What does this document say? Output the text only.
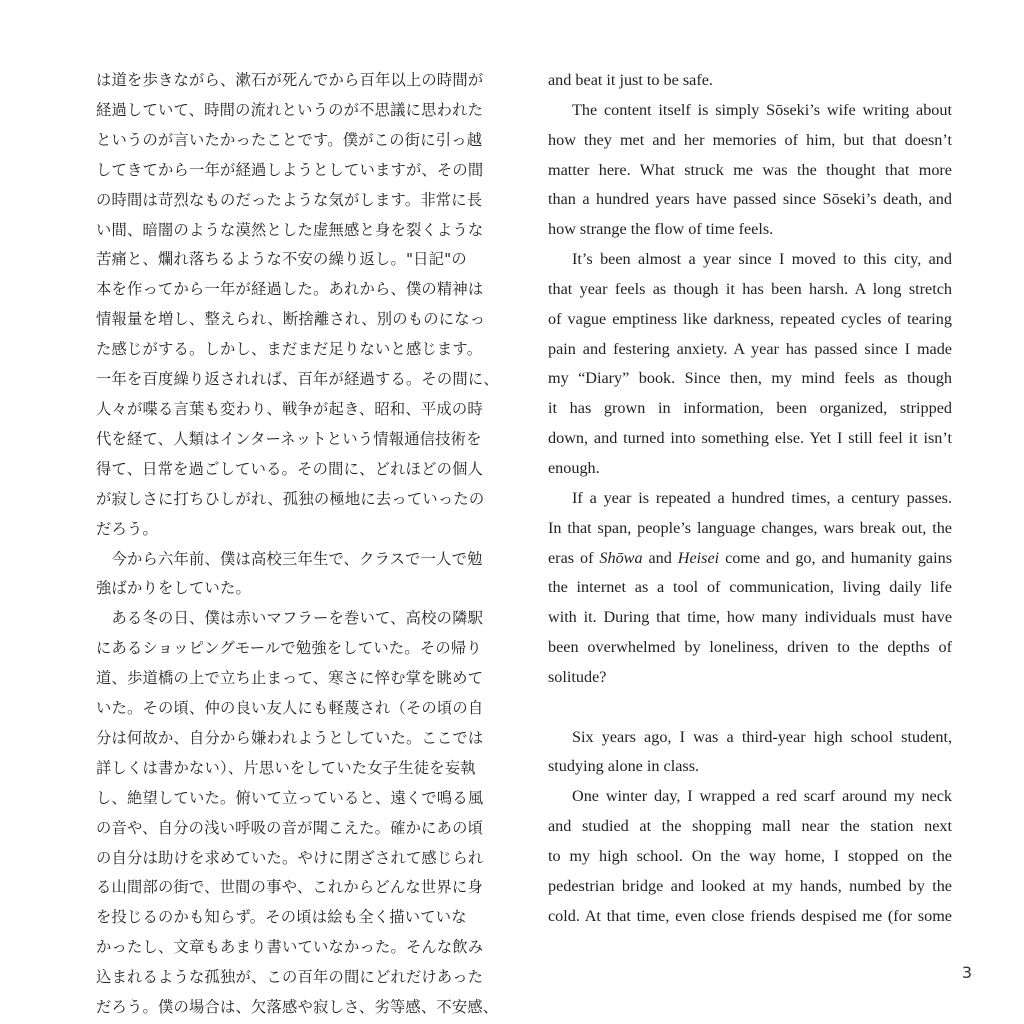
は道を歩きながら、漱石が死んでから百年以上の時間が
経過していて、時間の流れというのが不思議に思われた
というのが言いたかったことです。僕がこの街に引っ越
してきてから一年が経過しようとしていますが、その間
の時間は苛烈なものだったような気がします。非常に長
い間、暗闇のような漠然とした虚無感と身を裂くような
苦痛と、爛れ落ちるような不安の繰り返し。"日記"の
本を作ってから一年が経過した。あれから、僕の精神は
情報量を増し、整えられ、断捨離され、別のものになっ
た感じがする。しかし、まだまだ足りないと感じます。
一年を百度繰り返されれば、百年が経過する。その間に、
人々が喋る言葉も変わり、戦争が起き、昭和、平成の時
代を経て、人類はインターネットという情報通信技術を
得て、日常を過ごしている。その間に、どれほどの個人
が寂しさに打ちひしがれ、孤独の極地に去っていったの
だろう。
　今から六年前、僕は高校三年生で、クラスで一人で勉
強ばかりをしていた。
　ある冬の日、僕は赤いマフラーを巻いて、高校の隣駅
にあるショッピングモールで勉強をしていた。その帰り
道、歩道橋の上で立ち止まって、寒さに悴む掌を眺めて
いた。その頃、仲の良い友人にも軽蔑され（その頃の自
分は何故か、自分から嫌われようとしていた。ここでは
詳しくは書かない）、片思いをしていた女子生徒を妄執
し、絶望していた。俯いて立っていると、遠くで鳴る風
の音や、自分の浅い呼吸の音が聞こえた。確かにあの頃
の自分は助けを求めていた。やけに閉ざされて感じられ
る山間部の街で、世間の事や、これからどんな世界に身
を投じるのかも知らず。その頃は絵も全く描いていな
かったし、文章もあまり書いていなかった。そんな飲み
込まれるような孤独が、この百年の間にどれだけあった
だろう。僕の場合は、欠落感や寂しさ、劣等感、不安感、
and beat it just to be safe.
The content itself is simply Sōseki’s wife writing about
how they met and her memories of him, but that doesn’t
matter here. What struck me was the thought that more
than a hundred years have passed since Sōseki’s death, and
how strange the flow of time feels.
It’s been almost a year since I moved to this city, and
that year feels as though it has been harsh. A long stretch
of vague emptiness like darkness, repeated cycles of tearing
pain and festering anxiety. A year has passed since I made
my “Diary” book. Since then, my mind feels as though
it has grown in information, been organized, stripped
down, and turned into something else. Yet I still feel it isn’t
enough.
If a year is repeated a hundred times, a century passes.
In that span, people’s language changes, wars break out, the
eras of Shōwa and Heisei come and go, and humanity gains
the internet as a tool of communication, living daily life
with it. During that time, how many individuals must have
been overwhelmed by loneliness, driven to the depths of
solitude?
Six years ago, I was a third-year high school student,
studying alone in class.
One winter day, I wrapped a red scarf around my neck
and studied at the shopping mall near the station next
to my high school. On the way home, I stopped on the
pedestrian bridge and looked at my hands, numbed by the
cold. At that time, even close friends despised me (for some
3
